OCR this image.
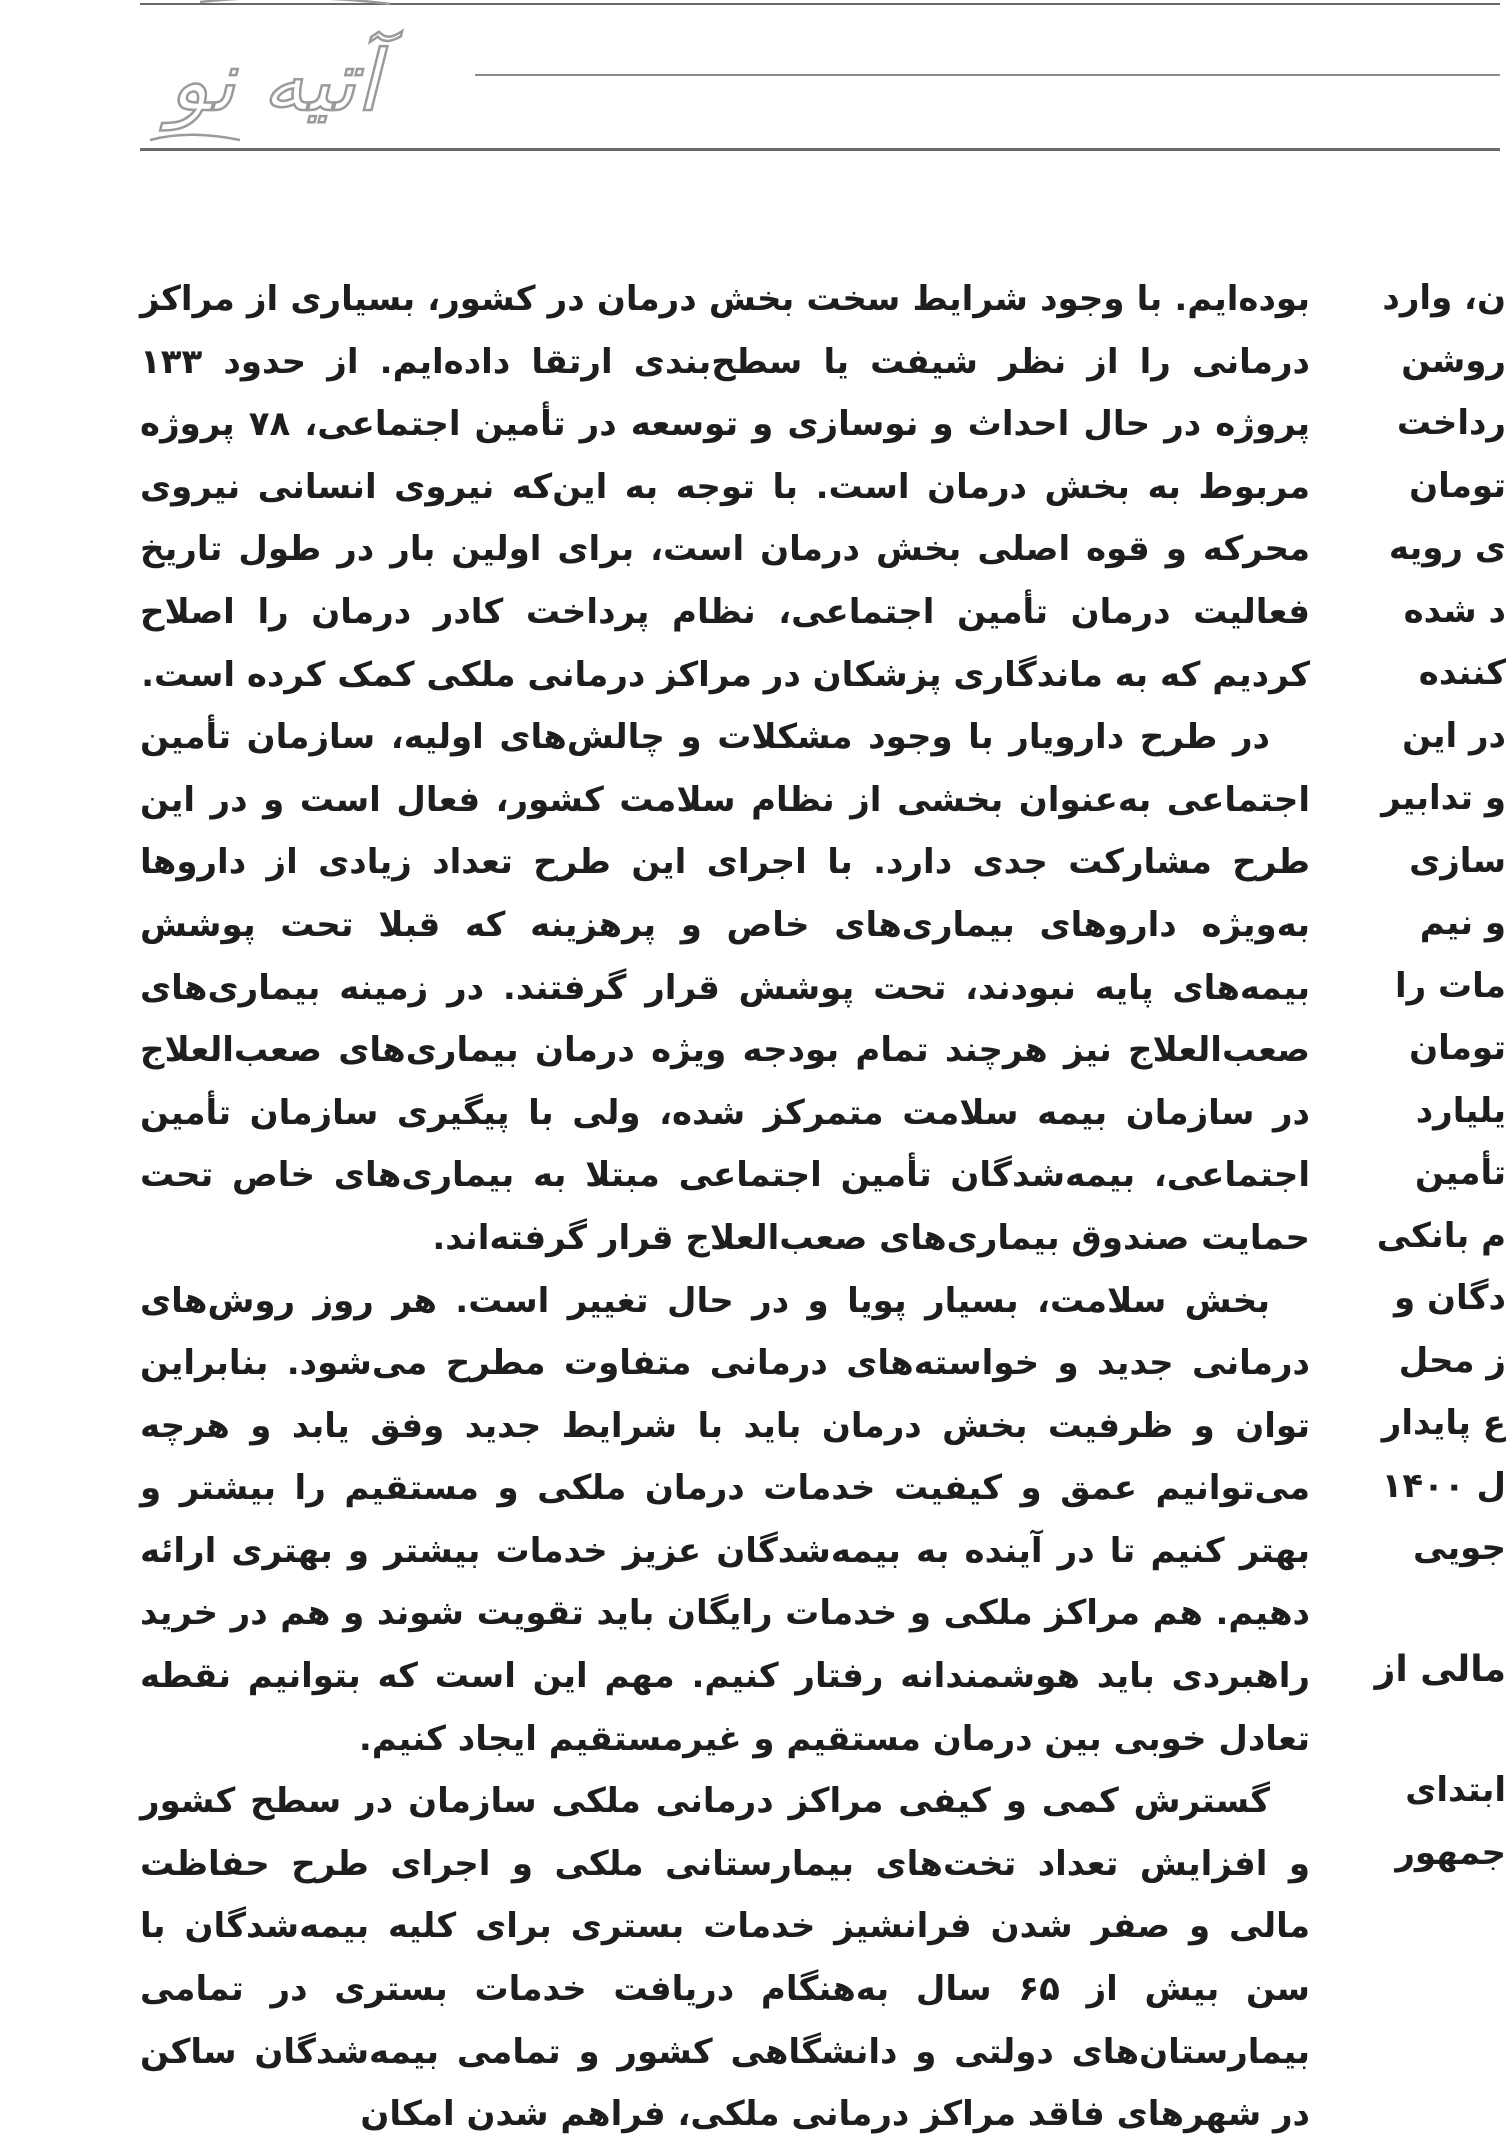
آتیه نو

بوده‌ایم. با وجود شرایط سخت بخش درمان در کشور، بسیاری از مراکز درمانی را از نظر شیفت یا سطح‌بندی ارتقا داده‌ایم. از حدود ۱۳۳ پروژه در حال احداث و نوسازی و توسعه در تأمین اجتماعی، ۷۸ پروژه مربوط به بخش درمان است. با توجه به این‌که نیروی انسانی نیروی محرکه و قوه اصلی بخش درمان است، برای اولین بار در طول تاریخ فعالیت درمان تأمین اجتماعی، نظام پرداخت کادر درمان را اصلاح کردیم که به ماندگاری پزشکان در مراکز درمانی ملکی کمک کرده است.

در طرح دارویار با وجود مشکلات و چالش‌های اولیه، سازمان تأمین اجتماعی به‌عنوان بخشی از نظام سلامت کشور، فعال است و در این طرح مشارکت جدی دارد. با اجرای این طرح تعداد زیادی از داروها به‌ویژه داروهای بیماری‌های خاص و پرهزینه که قبلا تحت پوشش بیمه‌های پایه نبودند، تحت پوشش قرار گرفتند. در زمینه بیماری‌های صعب‌العلاج نیز هرچند تمام بودجه ویژه درمان بیماری‌های صعب‌العلاج در سازمان بیمه سلامت متمرکز شده، ولی با پیگیری سازمان تأمین اجتماعی، بیمه‌شدگان تأمین اجتماعی مبتلا به بیماری‌های خاص تحت حمایت صندوق بیماری‌های صعب‌العلاج قرار گرفته‌اند.

بخش سلامت، بسیار پویا و در حال تغییر است. هر روز روش‌های درمانی جدید و خواسته‌های درمانی متفاوت مطرح می‌شود. بنابراین توان و ظرفیت بخش درمان باید با شرایط جدید وفق یابد و هرچه می‌توانیم عمق و کیفیت خدمات درمان ملکی و مستقیم را بیشتر و بهتر کنیم تا در آینده به بیمه‌شدگان عزیز خدمات بیشتر و بهتری ارائه دهیم. هم مراکز ملکی و خدمات رایگان باید تقویت شوند و هم در خرید راهبردی باید هوشمندانه رفتار کنیم. مهم این است که بتوانیم نقطه تعادل خوبی بین درمان مستقیم و غیرمستقیم ایجاد کنیم.

گسترش کمی و کیفی مراکز درمانی ملکی سازمان در سطح کشور و افزایش تعداد تخت‌های بیمارستانی ملکی و اجرای طرح حفاظت مالی و صفر شدن فرانشیز خدمات بستری برای کلیه بیمه‌شدگان با سن بیش از ۶۵ سال به‌هنگام دریافت خدمات بستری در تمامی بیمارستان‌های دولتی و دانشگاهی کشور و تمامی بیمه‌شدگان ساکن در شهرهای فاقد مراکز درمانی ملکی، فراهم شدن امکان

ن، وارد
روشن
رداخت
تومان
ی رویه
د شده
کننده
در این
و تدابیر
سازی
و نیم
مات را
تومان
یلیارد
تأمین
م بانکی
دگان و
ز محل
ع پایدار
ل ۱۴۰۰
جویی
مالی از
ابتدای
جمهور
